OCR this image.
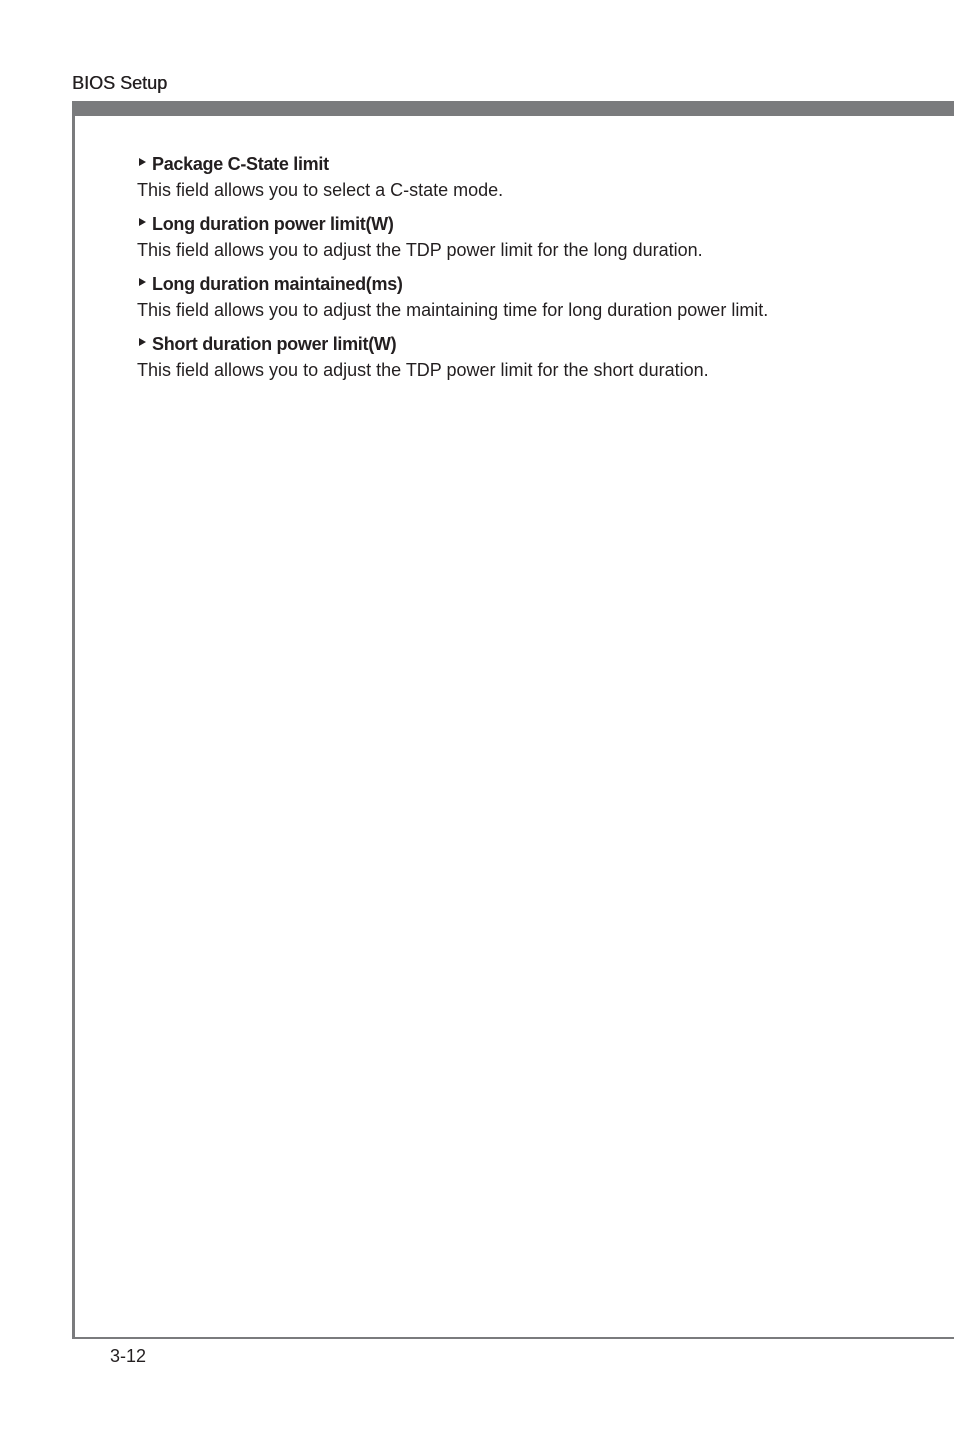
BIOS Setup
Package C-State limit
This field allows you to select a C-state mode.
Long duration power limit(W)
This field allows you to adjust the TDP power limit for the long duration.
Long duration maintained(ms)
This field allows you to adjust the maintaining time for long duration power limit.
Short duration power limit(W)
This field allows you to adjust the TDP power limit for the short duration.
3-12
